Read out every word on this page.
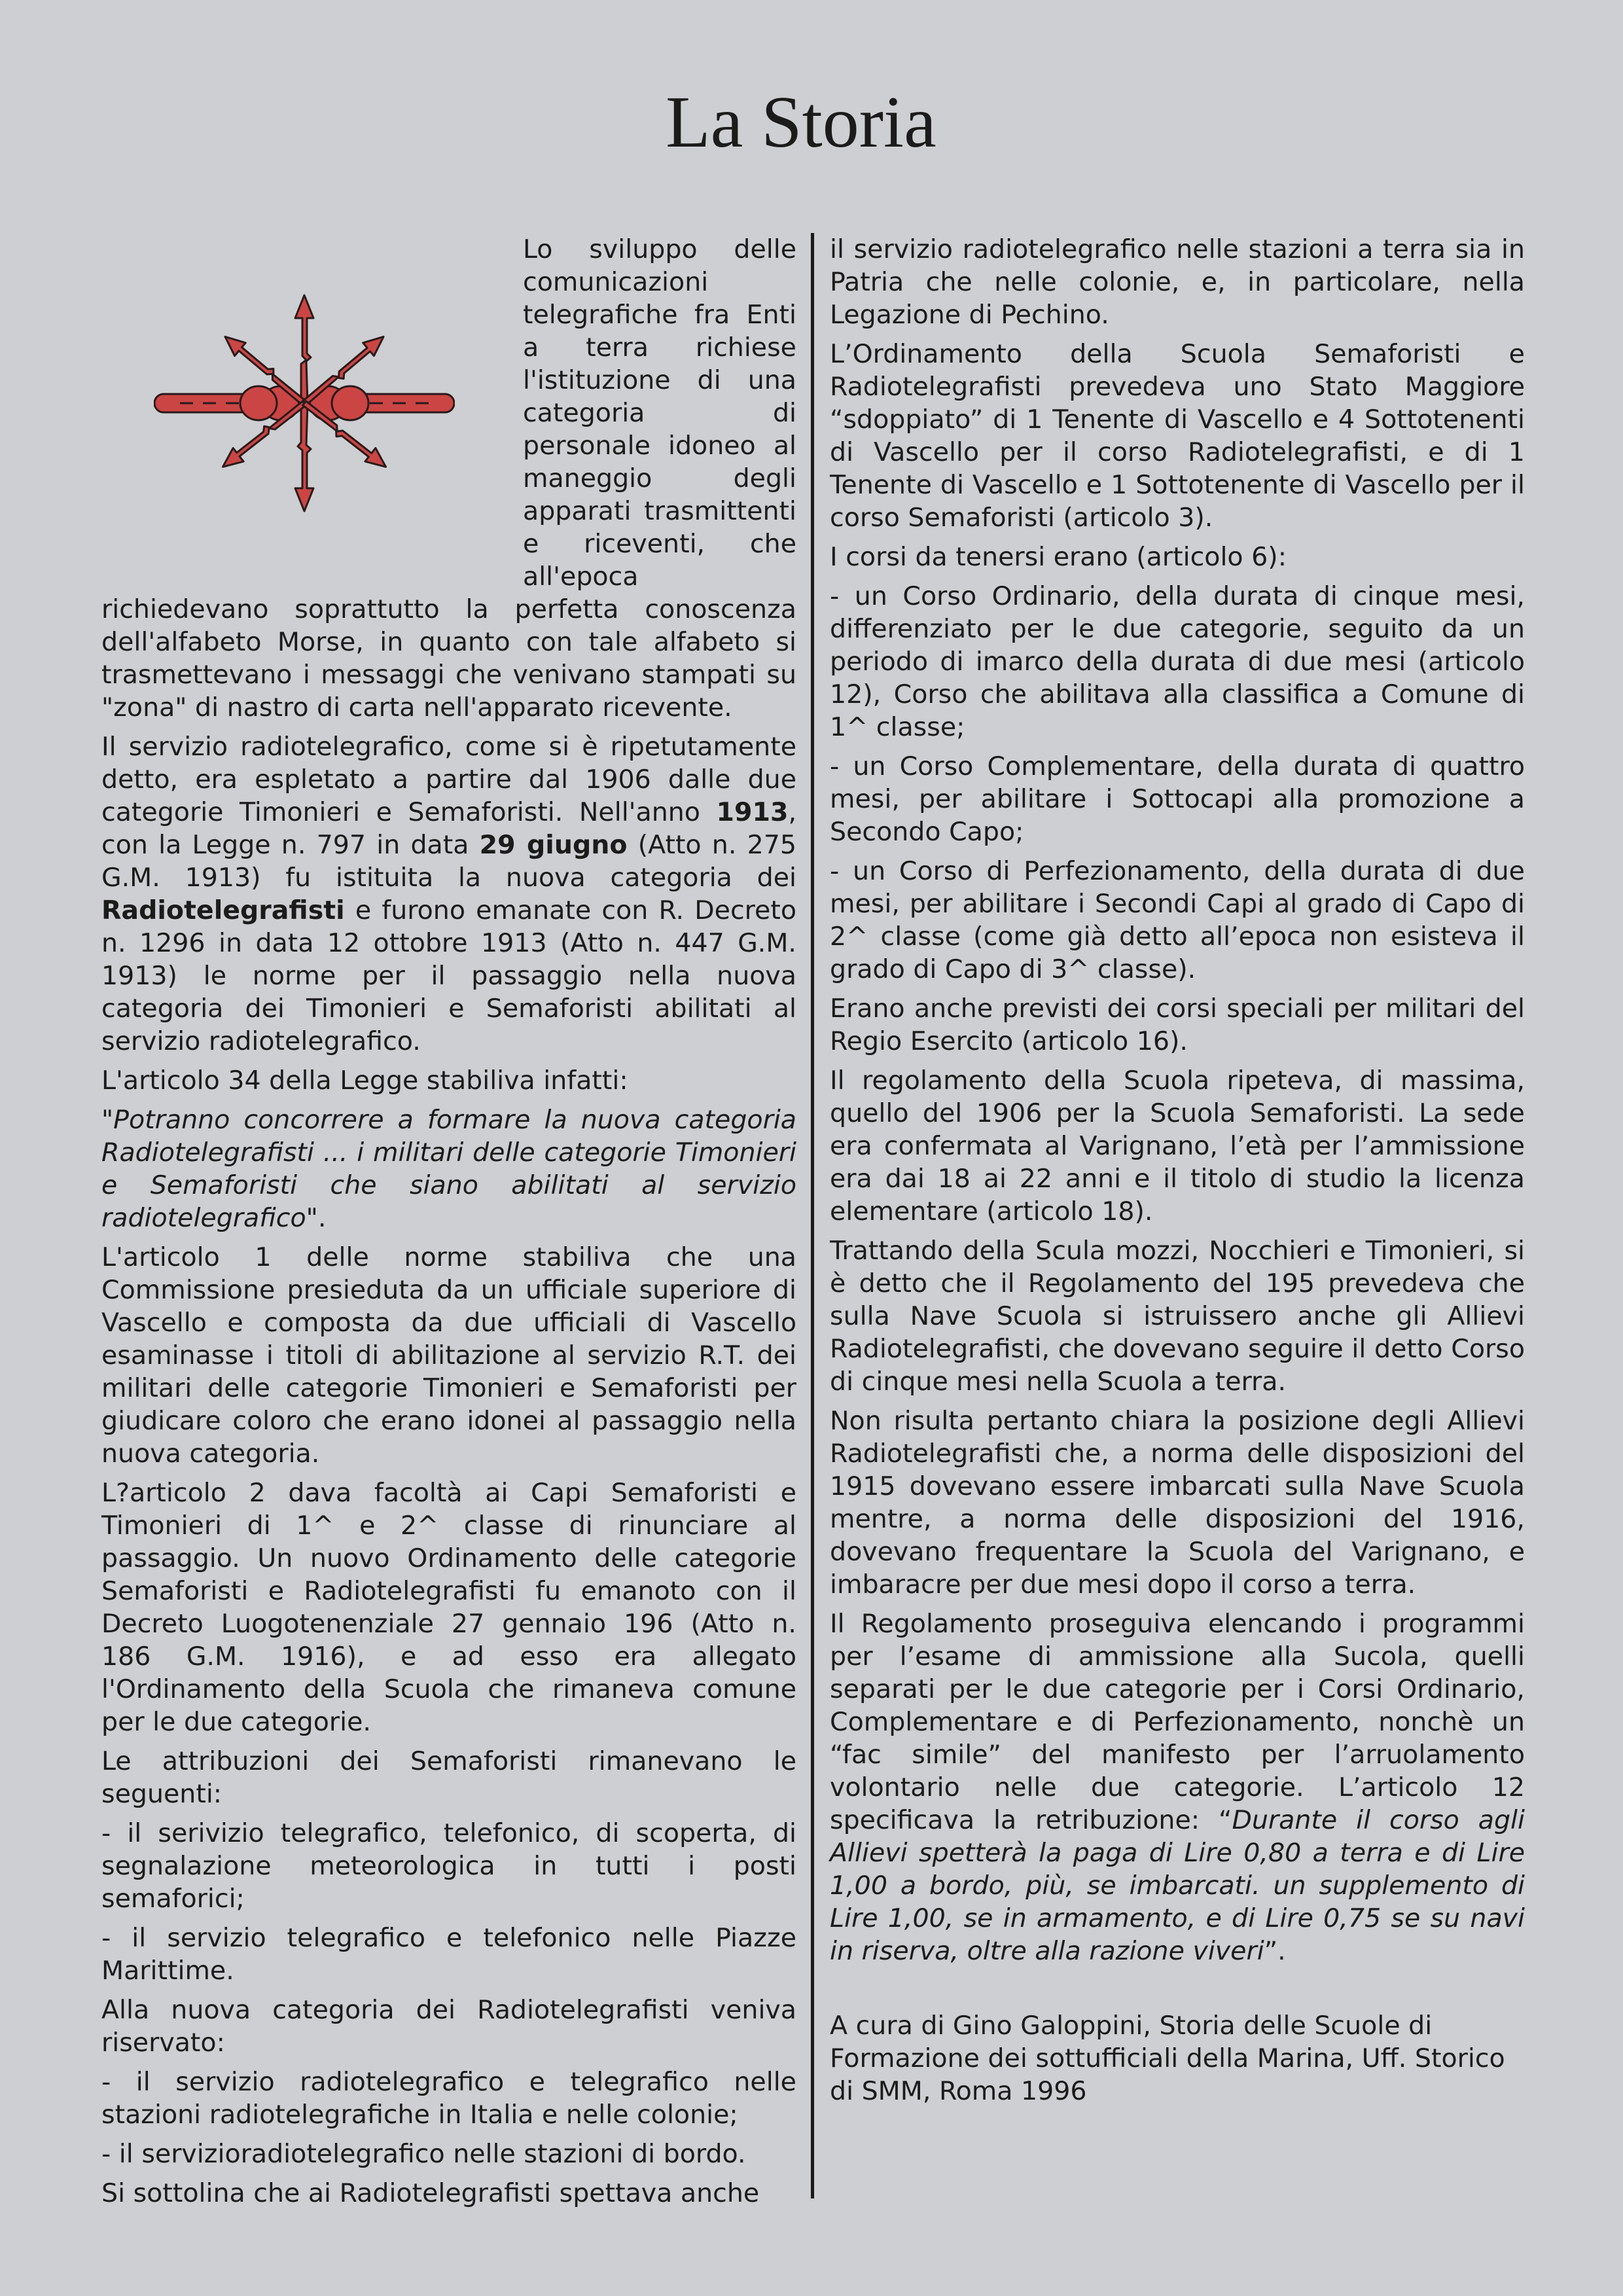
La Storia

Lo sviluppo delle comunicazioni telegrafiche fra Enti a terra richiese l'istituzione di una categoria di personale idoneo al maneggio degli apparati trasmittenti e riceventi, che all'epoca richiedevano soprattutto la perfetta conoscenza dell'alfabeto Morse, in quanto con tale alfabeto si trasmettevano i messaggi che venivano stampati su "zona" di nastro di carta nell'apparato ricevente.

Il servizio radiotelegrafico, come si è ripetutamente detto, era espletato a partire dal 1906 dalle due categorie Timonieri e Semaforisti. Nell'anno 1913, con la Legge n. 797 in data 29 giugno (Atto n. 275 G.M. 1913) fu istituita la nuova categoria dei Radiotelegrafisti e furono emanate con R. Decreto n. 1296 in data 12 ottobre 1913 (Atto n. 447 G.M. 1913) le norme per il passaggio nella nuova categoria dei Timonieri e Semaforisti abilitati al servizio radiotelegrafico.

L'articolo 34 della Legge stabiliva infatti:

"Potranno concorrere a formare la nuova categoria Radiotelegrafisti ... i militari delle categorie Timonieri e Semaforisti che siano abilitati al servizio radiotelegrafico".

L'articolo 1 delle norme stabiliva che una Commissione presieduta da un ufficiale superiore di Vascello e composta da due ufficiali di Vascello esaminasse i titoli di abilitazione al servizio R.T. dei militari delle categorie Timonieri e Semaforisti per giudicare coloro che erano idonei al passaggio nella nuova categoria.

L?articolo 2 dava facoltà ai Capi Semaforisti e Timonieri di 1^ e 2^ classe di rinunciare al passaggio. Un nuovo Ordinamento delle categorie Semaforisti e Radiotelegrafisti fu emanoto con il Decreto Luogotenenziale 27 gennaio 196 (Atto n. 186 G.M. 1916), e ad esso era allegato l'Ordinamento della Scuola che rimaneva comune per le due categorie.

Le attribuzioni dei Semaforisti rimanevano le seguenti:

- il serivizio telegrafico, telefonico, di scoperta, di segnalazione meteorologica in tutti i posti semaforici;

- il servizio telegrafico e telefonico nelle Piazze Marittime.

Alla nuova categoria dei Radiotelegrafisti veniva riservato:

- il servizio radiotelegrafico e telegrafico nelle stazioni radiotelegrafiche in Italia e nelle colonie;

- il servizioradiotelegrafico nelle stazioni di bordo.

Si sottolina che ai Radiotelegrafisti spettava anche

il servizio radiotelegrafico nelle stazioni a terra sia in Patria che nelle colonie, e, in particolare, nella Legazione di Pechino.

L’Ordinamento della Scuola Semaforisti e Radiotelegrafisti prevedeva uno Stato Maggiore “sdoppiato” di 1 Tenente di Vascello e 4 Sottotenenti di Vascello per il corso Radiotelegrafisti, e di 1 Tenente di Vascello e 1 Sottotenente di Vascello per il corso Semaforisti (articolo 3).

I corsi da tenersi erano (articolo 6):

- un Corso Ordinario, della durata di cinque mesi, differenziato per le due categorie, seguito da un periodo di imarco della durata di due mesi (articolo 12), Corso che abilitava alla classifica a Comune di 1^ classe;

- un Corso Complementare, della durata di quattro mesi, per abilitare i Sottocapi alla promozione a Secondo Capo;

- un Corso di Perfezionamento, della durata di due mesi, per abilitare i Secondi Capi al grado di Capo di 2^ classe (come già detto all’epoca non esisteva il grado di Capo di 3^ classe).

Erano anche previsti dei corsi speciali per militari del Regio Esercito (articolo 16).

Il regolamento della Scuola ripeteva, di massima, quello del 1906 per la Scuola Semaforisti. La sede era confermata al Varignano, l’età per l’ammissione era dai 18 ai 22 anni e il titolo di studio la licenza elementare (articolo 18).

Trattando della Scula mozzi, Nocchieri e Timonieri, si è detto che il Regolamento del 195 prevedeva che sulla Nave Scuola si istruissero anche gli Allievi Radiotelegrafisti, che dovevano seguire il detto Corso di cinque mesi nella Scuola a terra.

Non risulta pertanto chiara la posizione degli Allievi Radiotelegrafisti che, a norma delle disposizioni del 1915 dovevano essere imbarcati sulla Nave Scuola mentre, a norma delle disposizioni del 1916, dovevano frequentare la Scuola del Varignano, e imbaracre per due mesi dopo il corso a terra.

Il Regolamento proseguiva elencando i programmi per l’esame di ammissione alla Sucola, quelli separati per le due categorie per i Corsi Ordinario, Complementare e di Perfezionamento, nonchè un “fac simile” del manifesto per l’arruolamento volontario nelle due categorie. L’articolo 12 specificava la retribuzione: “Durante il corso agli Allievi spetterà la paga di Lire 0,80 a terra e di Lire 1,00 a bordo, più, se imbarcati. un supplemento di Lire 1,00, se in armamento, e di Lire 0,75 se su navi in riserva, oltre alla razione viveri”.

A cura di Gino Galoppini, Storia delle Scuole di Formazione dei sottufficiali della Marina, Uff. Storico di SMM, Roma 1996
